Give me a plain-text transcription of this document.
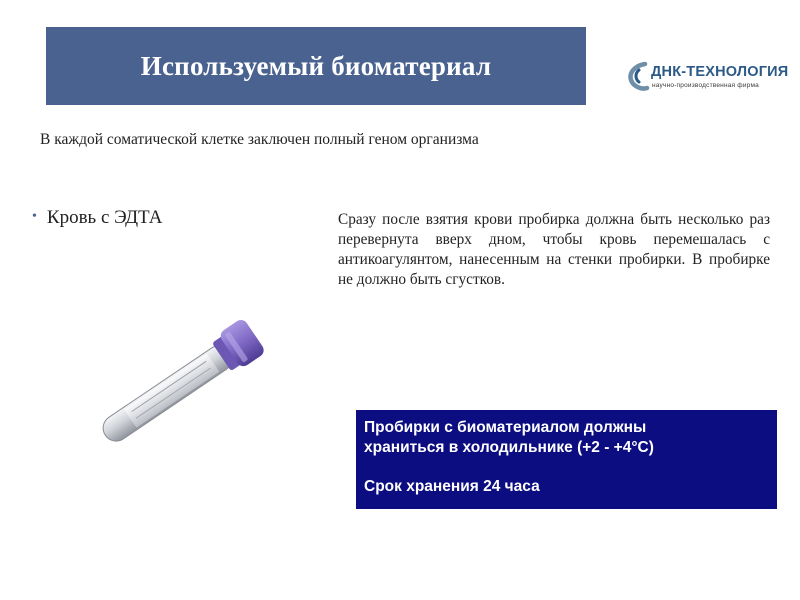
Используемый биоматериал	ДНК-ТЕХНОЛОГИЯ
научно-производственная фирма
В каждой соматической клетке заключен полный геном организма
• Кровь с ЭДТА	Сразу после взятия крови пробирка должна быть несколько раз перевернута вверх дном, чтобы кровь перемешалась с антикоагулянтом, нанесенным на стенки пробирки. В пробирке не должно быть сгустков.
Пробирки с биоматериалом должны
храниться в холодильнике (+2 - +4°С)
Срок хранения 24 часа
